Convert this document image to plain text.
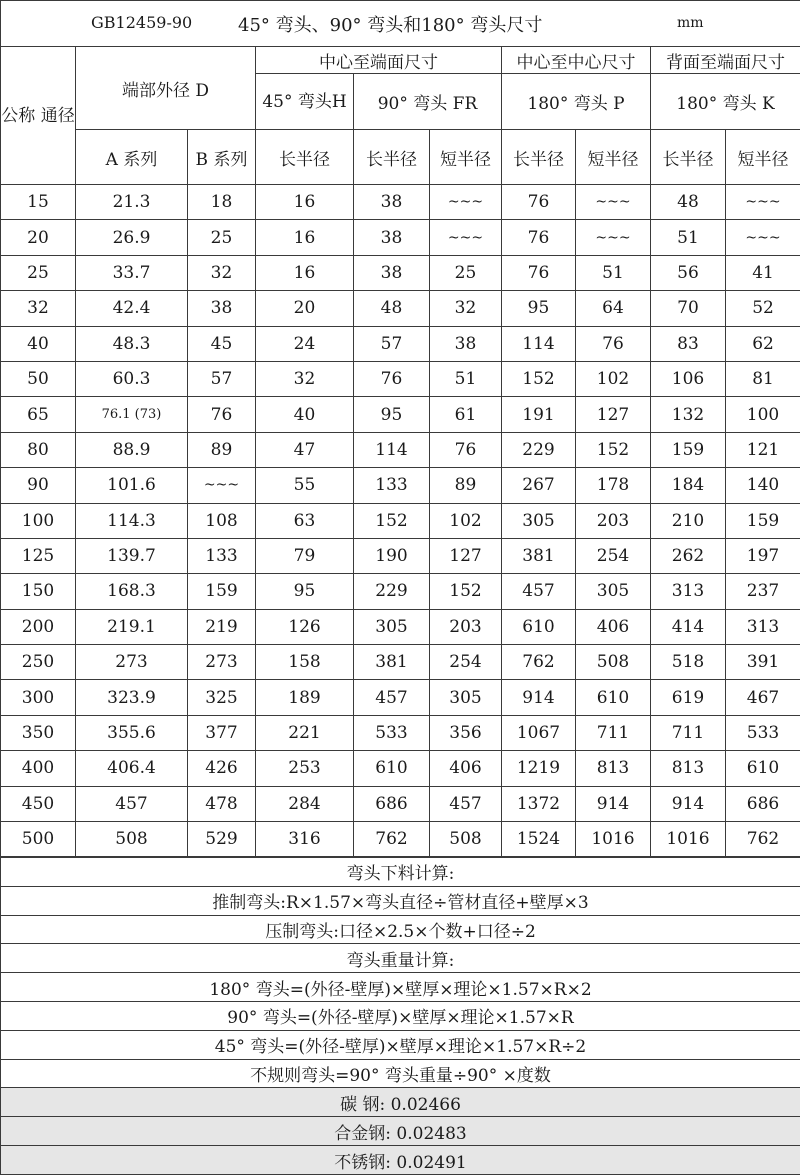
GB12459-90 45° 弯头、90° 弯头和180° 弯头尺寸 mm									

公称 通径	端部外径 D		中心至端面尺寸			中心至中心尺寸		背面至端面尺寸	
			45° 弯头H	90° 弯头 FR		180° 弯头 P		180° 弯头 K	
	A 系列	B 系列	长半径	长半径	短半径	长半径	短半径	长半径	短半径
15	21.3	18	16	38	~~~	76	~~~	48	~~~
20	26.9	25	16	38	~~~	76	~~~	51	~~~
25	33.7	32	16	38	25	76	51	56	41
32	42.4	38	20	48	32	95	64	70	52
40	48.3	45	24	57	38	114	76	83	62
50	60.3	57	32	76	51	152	102	106	81
65	76.1 (73)	76	40	95	61	191	127	132	100
80	88.9	89	47	114	76	229	152	159	121
90	101.6	~~~	55	133	89	267	178	184	140
100	114.3	108	63	152	102	305	203	210	159
125	139.7	133	79	190	127	381	254	262	197
150	168.3	159	95	229	152	457	305	313	237
200	219.1	219	126	305	203	610	406	414	313
250	273	273	158	381	254	762	508	518	391
300	323.9	325	189	457	305	914	610	619	467
350	355.6	377	221	533	356	1067	711	711	533
400	406.4	426	253	610	406	1219	813	813	610
450	457	478	284	686	457	1372	914	914	686
500	508	529	316	762	508	1524	1016	1016	762
弯头下料计算:
推制弯头:R×1.57×弯头直径÷管材直径+壁厚×3
压制弯头:口径×2.5×个数+口径÷2
弯头重量计算:
180° 弯头=(外径-壁厚)×壁厚×理论×1.57×R×2
90° 弯头=(外径-壁厚)×壁厚×理论×1.57×R
45° 弯头=(外径-壁厚)×壁厚×理论×1.57×R÷2
不规则弯头=90° 弯头重量÷90° ×度数
碳 钢: 0.02466
合金钢: 0.02483
不锈钢: 0.02491
